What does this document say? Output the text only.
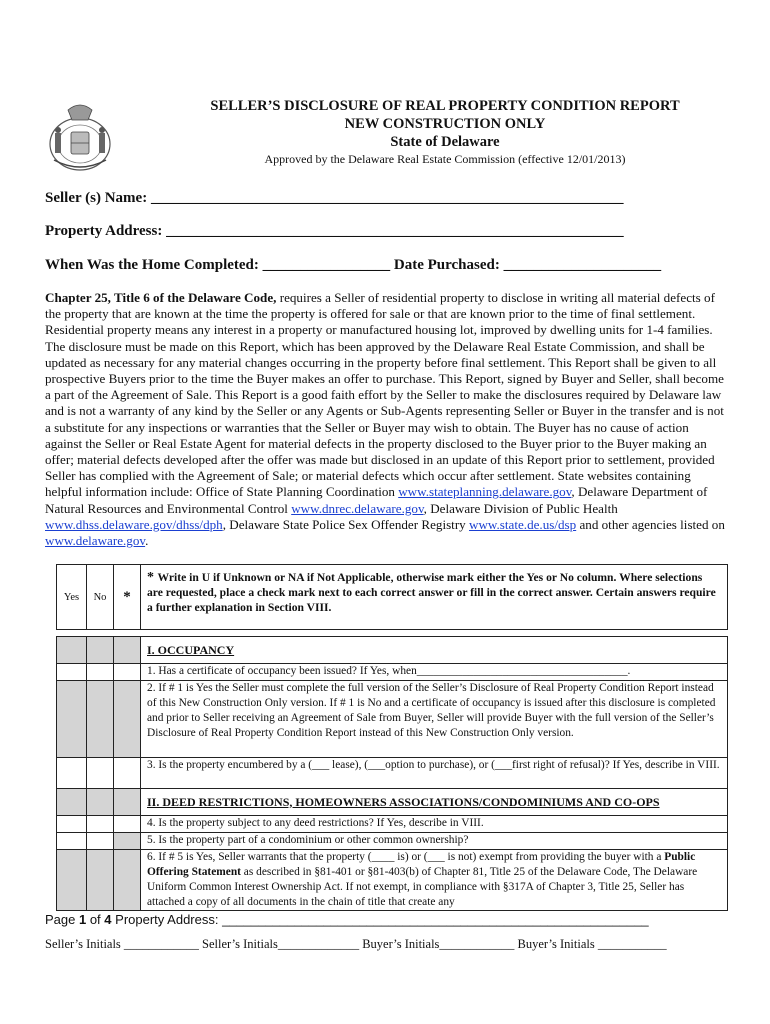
SELLER’S DISCLOSURE OF REAL PROPERTY CONDITION REPORT
NEW CONSTRUCTION ONLY
State of Delaware
Approved by the Delaware Real Estate Commission (effective 12/01/2013)
Seller (s) Name: _______________________________________________________________
Property Address: _____________________________________________________________
When Was the Home Completed: _________________ Date Purchased: _____________________
Chapter 25, Title 6 of the Delaware Code, requires a Seller of residential property to disclose in writing all material defects of the property that are known at the time the property is offered for sale or that are known prior to the time of final settlement. Residential property means any interest in a property or manufactured housing lot, improved by dwelling units for 1-4 families. The disclosure must be made on this Report, which has been approved by the Delaware Real Estate Commission, and shall be updated as necessary for any material changes occurring in the property before final settlement. This Report shall be given to all prospective Buyers prior to the time the Buyer makes an offer to purchase. This Report, signed by Buyer and Seller, shall become a part of the Agreement of Sale. This Report is a good faith effort by the Seller to make the disclosures required by Delaware law and is not a warranty of any kind by the Seller or any Agents or Sub-Agents representing Seller or Buyer in the transfer and is not a substitute for any inspections or warranties that the Seller or Buyer may wish to obtain. The Buyer has no cause of action against the Seller or Real Estate Agent for material defects in the property disclosed to the Buyer prior to the Buyer making an offer; material defects developed after the offer was made but disclosed in an update of this Report prior to settlement, provided Seller has complied with the Agreement of Sale; or material defects which occur after settlement. State websites containing helpful information include: Office of State Planning Coordination www.stateplanning.delaware.gov, Delaware Department of Natural Resources and Environmental Control www.dnrec.delaware.gov, Delaware Division of Public Health www.dhss.delaware.gov/dhss/dph, Delaware State Police Sex Offender Registry www.state.de.us/dsp and other agencies listed on www.delaware.gov.
Yes	No	*	* Write in U if Unknown or NA if Not Applicable, otherwise mark either the Yes or No column. Where selections are requested, place a check mark next to each correct answer or fill in the correct answer. Certain answers require a further explanation in Section VIII.

			I. OCCUPANCY
			1. Has a certificate of occupancy been issued? If Yes, when_____________________________________.
			2. If # 1 is Yes the Seller must complete the full version of the Seller’s Disclosure of Real Property Condition Report instead of this New Construction Only version. If # 1 is No and a certificate of occupancy is issued after this disclosure is completed and prior to Seller receiving an Agreement of Sale from Buyer, Seller will provide Buyer with the full version of the Seller’s Disclosure of Real Property Condition Report instead of this New Construction Only version.
			3. Is the property encumbered by a (___ lease), (___option to purchase), or (___first right of refusal)? If Yes, describe in VIII.
			II. DEED RESTRICTIONS, HOMEOWNERS ASSOCIATIONS/CONDOMINIUMS AND CO-OPS
			4. Is the property subject to any deed restrictions? If Yes, describe in VIII.
			5. Is the property part of a condominium or other common ownership?
			6. If # 5 is Yes, Seller warrants that the property (____ is) or (___ is not) exempt from providing the buyer with a Public Offering Statement as described in §81-401 or §81-403(b) of Chapter 81, Title 25 of the Delaware Code, The Delaware Uniform Common Interest Ownership Act. If not exempt, in compliance with §317A of Chapter 3, Title 25, Seller has attached a copy of all documents in the chain of title that create any
Page 1 of 4 Property Address: ___________________________________________________________
Seller’s Initials ____________ Seller’s Initials_____________ Buyer’s Initials____________ Buyer’s Initials ___________
